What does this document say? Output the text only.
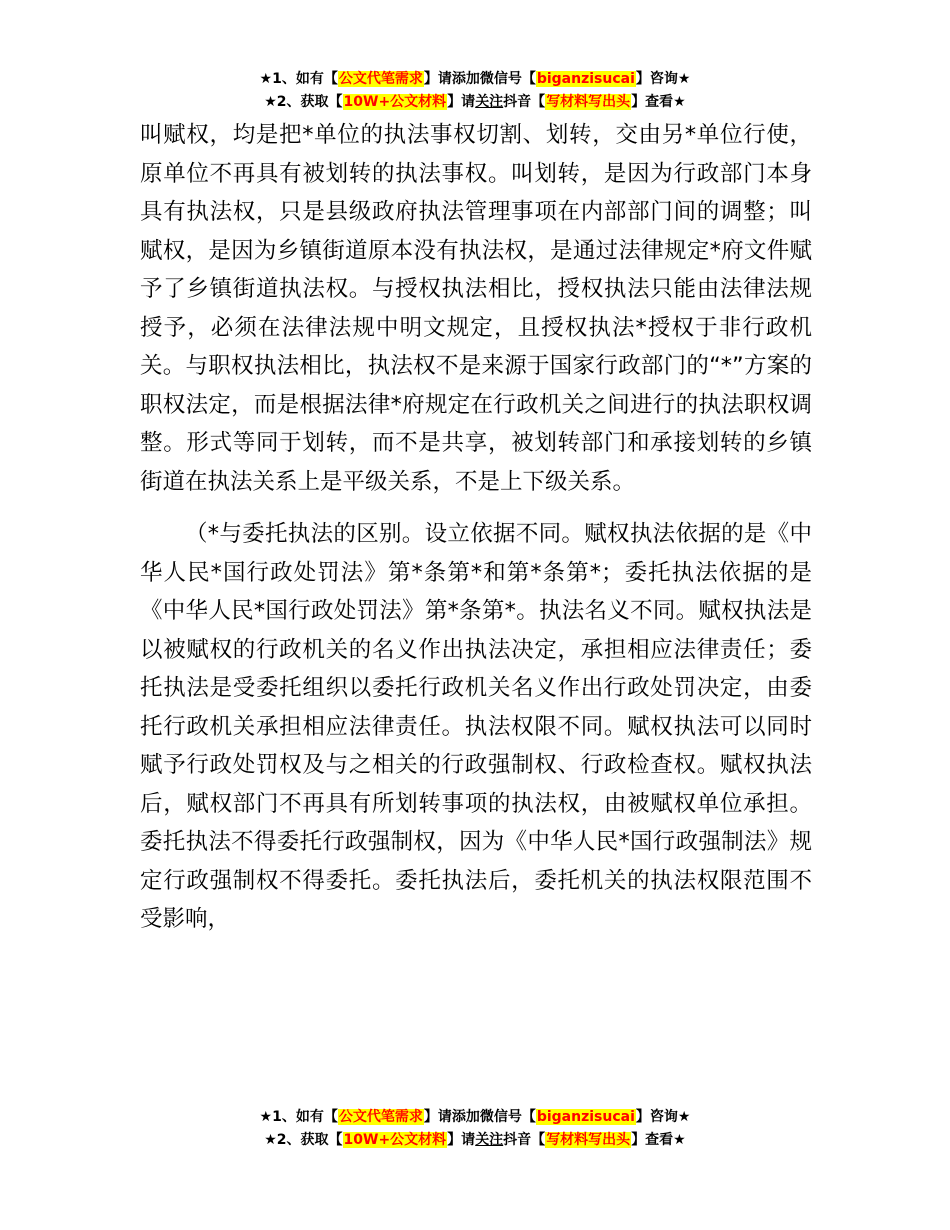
★1、如有【公文代笔需求】请添加微信号【biganzisucai】咨询★
★2、获取【10W+公文材料】请关注抖音【写材料写出头】查看★

叫赋权，均是把*单位的执法事权切割、划转，交由另*单位行使，原单位不再具有被划转的执法事权。叫划转，是因为行政部门本身具有执法权，只是县级政府执法管理事项在内部部门间的调整；叫赋权，是因为乡镇街道原本没有执法权，是通过法律规定*府文件赋予了乡镇街道执法权。与授权执法相比，授权执法只能由法律法规授予，必须在法律法规中明文规定，且授权执法*授权于非行政机关。与职权执法相比，执法权不是来源于国家行政部门的“*”方案的职权法定，而是根据法律*府规定在行政机关之间进行的执法职权调整。形式等同于划转，而不是共享，被划转部门和承接划转的乡镇街道在执法关系上是平级关系，不是上下级关系。

（*与委托执法的区别。设立依据不同。赋权执法依据的是《中华人民*国行政处罚法》第*条第*和第*条第*；委托执法依据的是《中华人民*国行政处罚法》第*条第*。执法名义不同。赋权执法是以被赋权的行政机关的名义作出执法决定，承担相应法律责任；委托执法是受委托组织以委托行政机关名义作出行政处罚决定，由委托行政机关承担相应法律责任。执法权限不同。赋权执法可以同时赋予行政处罚权及与之相关的行政强制权、行政检查权。赋权执法后，赋权部门不再具有所划转事项的执法权，由被赋权单位承担。委托执法不得委托行政强制权，因为《中华人民*国行政强制法》规定行政强制权不得委托。委托执法后，委托机关的执法权限范围不受影响，

★1、如有【公文代笔需求】请添加微信号【biganzisucai】咨询★
★2、获取【10W+公文材料】请关注抖音【写材料写出头】查看★
